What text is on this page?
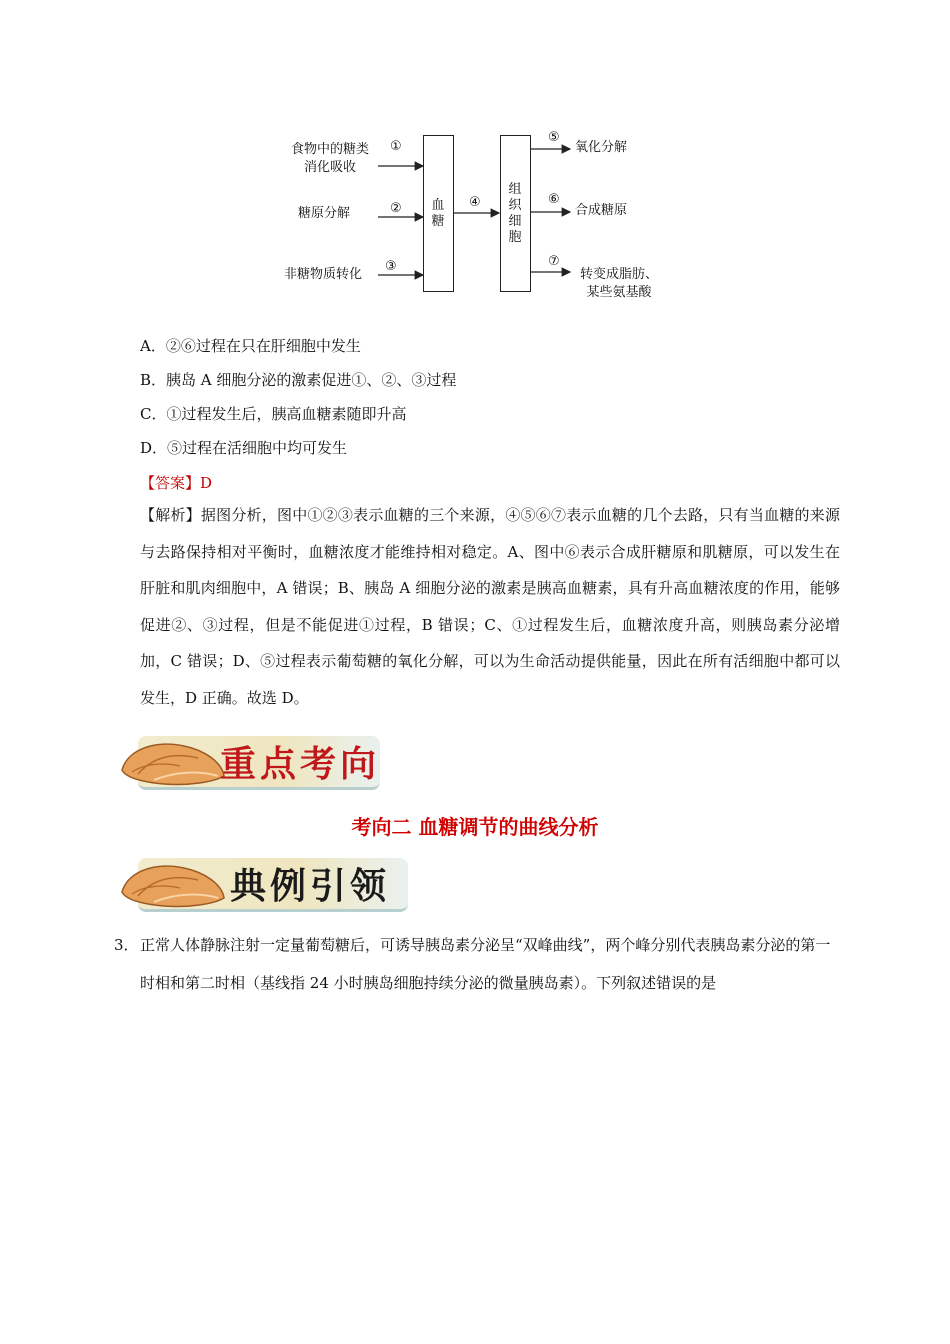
食物中的糖类
消化吸收
糖原分解
非糖物质转化
①
②
③
④
⑤
⑥
⑦
血糖
组织细胞
氧化分解
合成糖原
转变成脂肪、
某些氨基酸
A．②⑥过程在只在肝细胞中发生
B．胰岛 A 细胞分泌的激素促进①、②、③过程
C．①过程发生后，胰高血糖素随即升高
D．⑤过程在活细胞中均可发生
【答案】D
【解析】据图分析，图中①②③表示血糖的三个来源，④⑤⑥⑦表示血糖的几个去路，只有当血糖的来源与去路保持相对平衡时，血糖浓度才能维持相对稳定。A、图中⑥表示合成肝糖原和肌糖原，可以发生在肝脏和肌肉细胞中，A 错误；B、胰岛 A 细胞分泌的激素是胰高血糖素，具有升高血糖浓度的作用，能够促进②、③过程，但是不能促进①过程，B 错误；C、①过程发生后，血糖浓度升高，则胰岛素分泌增加，C 错误；D、⑤过程表示葡萄糖的氧化分解，可以为生命活动提供能量，因此在所有活细胞中都可以发生，D 正确。故选 D。
重点考向
考向二 血糖调节的曲线分析
典例引领
3． 正常人体静脉注射一定量葡萄糖后，可诱导胰岛素分泌呈“双峰曲线”，两个峰分别代表胰岛素分泌的第一时相和第二时相（基线指 24 小时胰岛细胞持续分泌的微量胰岛素）。下列叙述错误的是
